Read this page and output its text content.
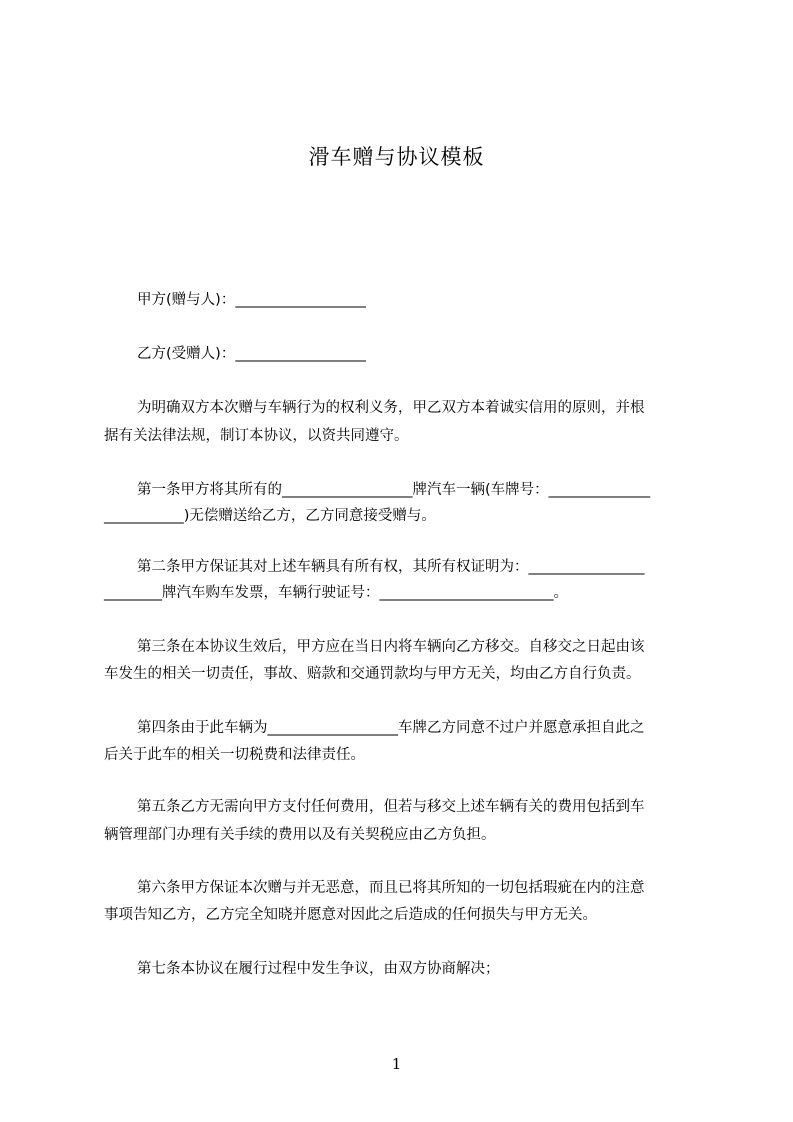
滑车赠与协议模板
甲方(赠与人)：__________________
乙方(受赠人)：__________________
为明确双方本次赠与车辆行为的权利义务，甲乙双方本着诚实信用的原则，并根
据有关法律法规，制订本协议，以资共同遵守。
第一条甲方将其所有的__________________牌汽车一辆(车牌号：______________
___________)无偿赠送给乙方，乙方同意接受赠与。
第二条甲方保证其对上述车辆具有所有权，其所有权证明为：________________
________牌汽车购车发票，车辆行驶证号：________________________。
第三条在本协议生效后，甲方应在当日内将车辆向乙方移交。自移交之日起由该
车发生的相关一切责任，事故、赔款和交通罚款均与甲方无关，均由乙方自行负责。
第四条由于此车辆为__________________车牌乙方同意不过户并愿意承担自此之
后关于此车的相关一切税费和法律责任。
第五条乙方无需向甲方支付任何费用，但若与移交上述车辆有关的费用包括到车
辆管理部门办理有关手续的费用以及有关契税应由乙方负担。
第六条甲方保证本次赠与并无恶意，而且已将其所知的一切包括瑕疵在内的注意
事项告知乙方，乙方完全知晓并愿意对因此之后造成的任何损失与甲方无关。
第七条本协议在履行过程中发生争议，由双方协商解决；
1
